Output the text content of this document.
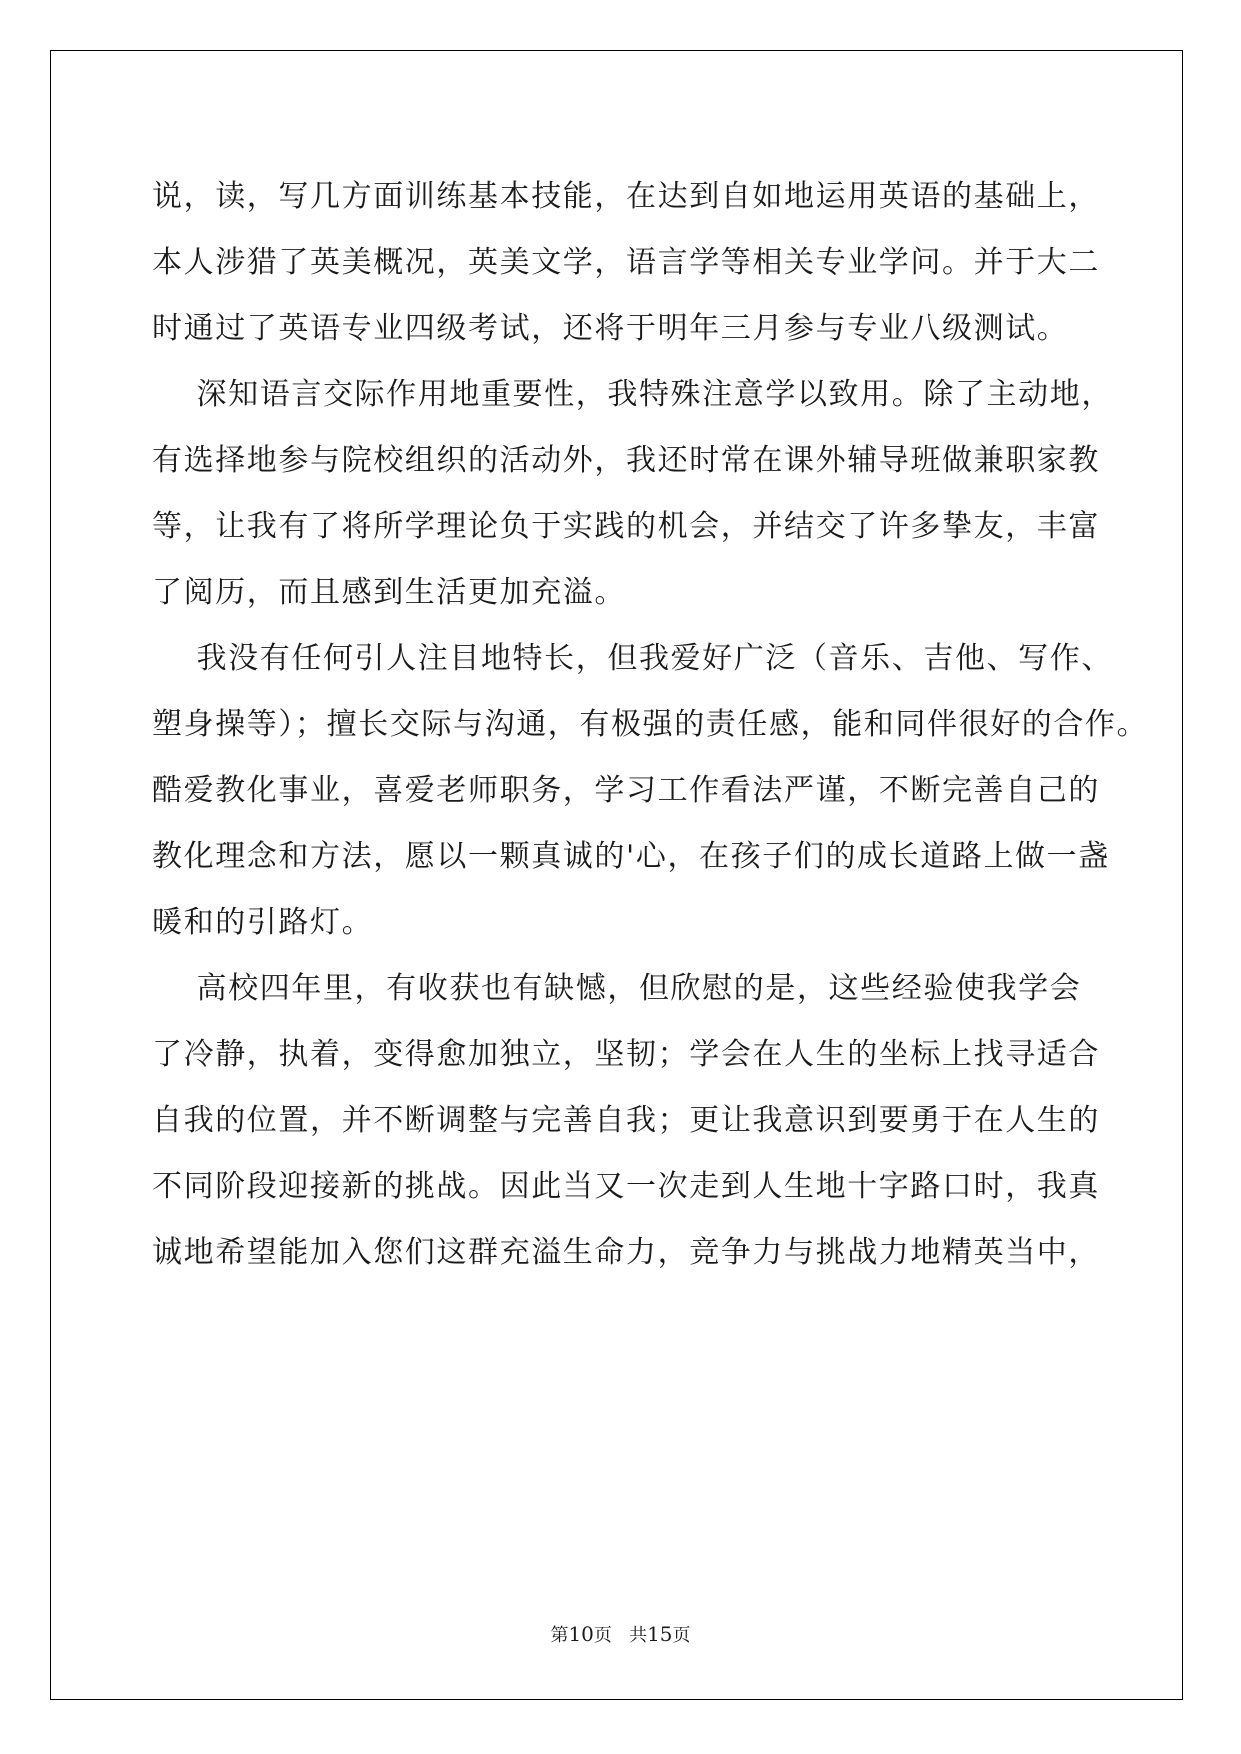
说，读，写几方面训练基本技能，在达到自如地运用英语的基础上，
本人涉猎了英美概况，英美文学，语言学等相关专业学问。并于大二
时通过了英语专业四级考试，还将于明年三月参与专业八级测试。
深知语言交际作用地重要性，我特殊注意学以致用。除了主动地，
有选择地参与院校组织的活动外，我还时常在课外辅导班做兼职家教
等，让我有了将所学理论负于实践的机会，并结交了许多挚友，丰富
了阅历，而且感到生活更加充溢。
我没有任何引人注目地特长，但我爱好广泛（音乐、吉他、写作、
塑身操等）；擅长交际与沟通，有极强的责任感，能和同伴很好的合作。
酷爱教化事业，喜爱老师职务，学习工作看法严谨，不断完善自己的
教化理念和方法，愿以一颗真诚的'心，在孩子们的成长道路上做一盏
暖和的引路灯。
高校四年里，有收获也有缺憾，但欣慰的是，这些经验使我学会
了冷静，执着，变得愈加独立，坚韧；学会在人生的坐标上找寻适合
自我的位置，并不断调整与完善自我；更让我意识到要勇于在人生的
不同阶段迎接新的挑战。因此当又一次走到人生地十字路口时，我真
诚地希望能加入您们这群充溢生命力，竞争力与挑战力地精英当中，
第10页   共15页
